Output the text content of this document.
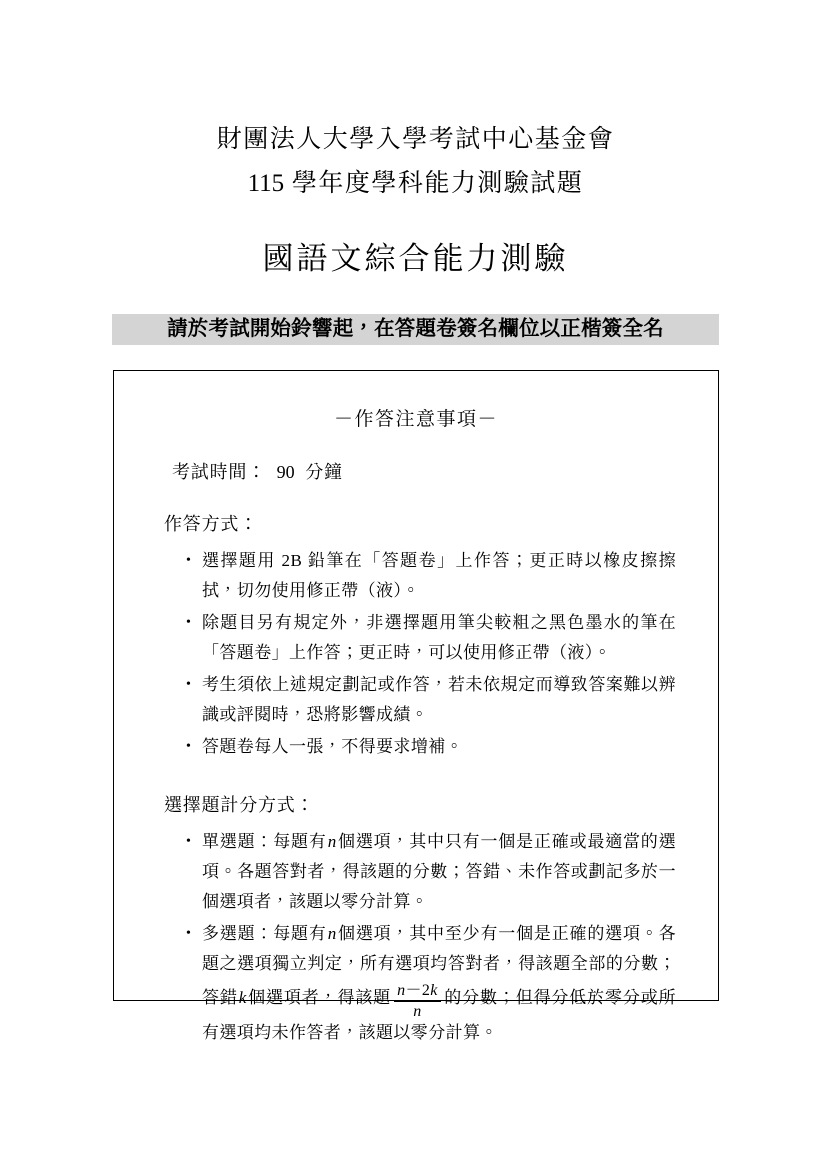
財團法人大學入學考試中心基金會
115 學年度學科能力測驗試題
國語文綜合能力測驗
請於考試開始鈴響起，在答題卷簽名欄位以正楷簽全名
－作答注意事項－
考試時間： 90 分鐘
作答方式：
• 選擇題用 2B 鉛筆在「答題卷」上作答；更正時以橡皮擦擦拭，切勿使用修正帶（液）。
• 除題目另有規定外，非選擇題用筆尖較粗之黑色墨水的筆在「答題卷」上作答；更正時，可以使用修正帶（液）。
• 考生須依上述規定劃記或作答，若未依規定而導致答案難以辨識或評閱時，恐將影響成績。
• 答題卷每人一張，不得要求增補。
選擇題計分方式：
• 單選題：每題有n個選項，其中只有一個是正確或最適當的選項。各題答對者，得該題的分數；答錯、未作答或劃記多於一個選項者，該題以零分計算。
• 多選題：每題有n個選項，其中至少有一個是正確的選項。各題之選項獨立判定，所有選項均答對者，得該題全部的分數；答錯k個選項者，得該題 $\frac{n-2k}{n}$ 的分數；但得分低於零分或所有選項均未作答者，該題以零分計算。
